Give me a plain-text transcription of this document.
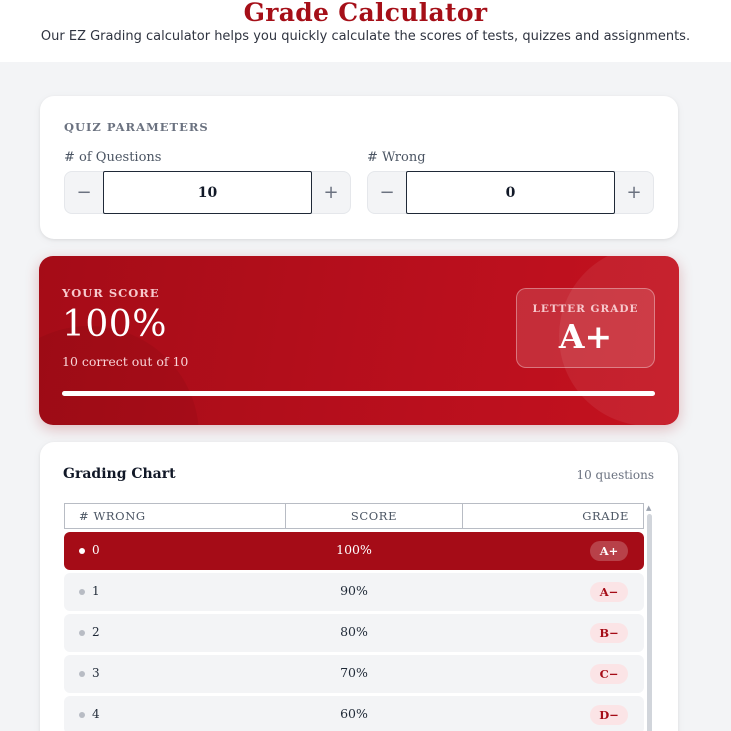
Grade Calculator
Our EZ Grading calculator helps you quickly calculate the scores of tests, quizzes and assignments.
QUIZ PARAMETERS
# of Questions
−
10	+
# Wrong
−
0	+
YOUR SCORE
100%
10 correct out of 10
LETTER GRADE
A+
Grading Chart	10 questions
# WRONG	SCORE	GRADE
0	100%	A+
1	90%	A−
2	80%	B−
3	70%	C−
4	60%	D−
▲
